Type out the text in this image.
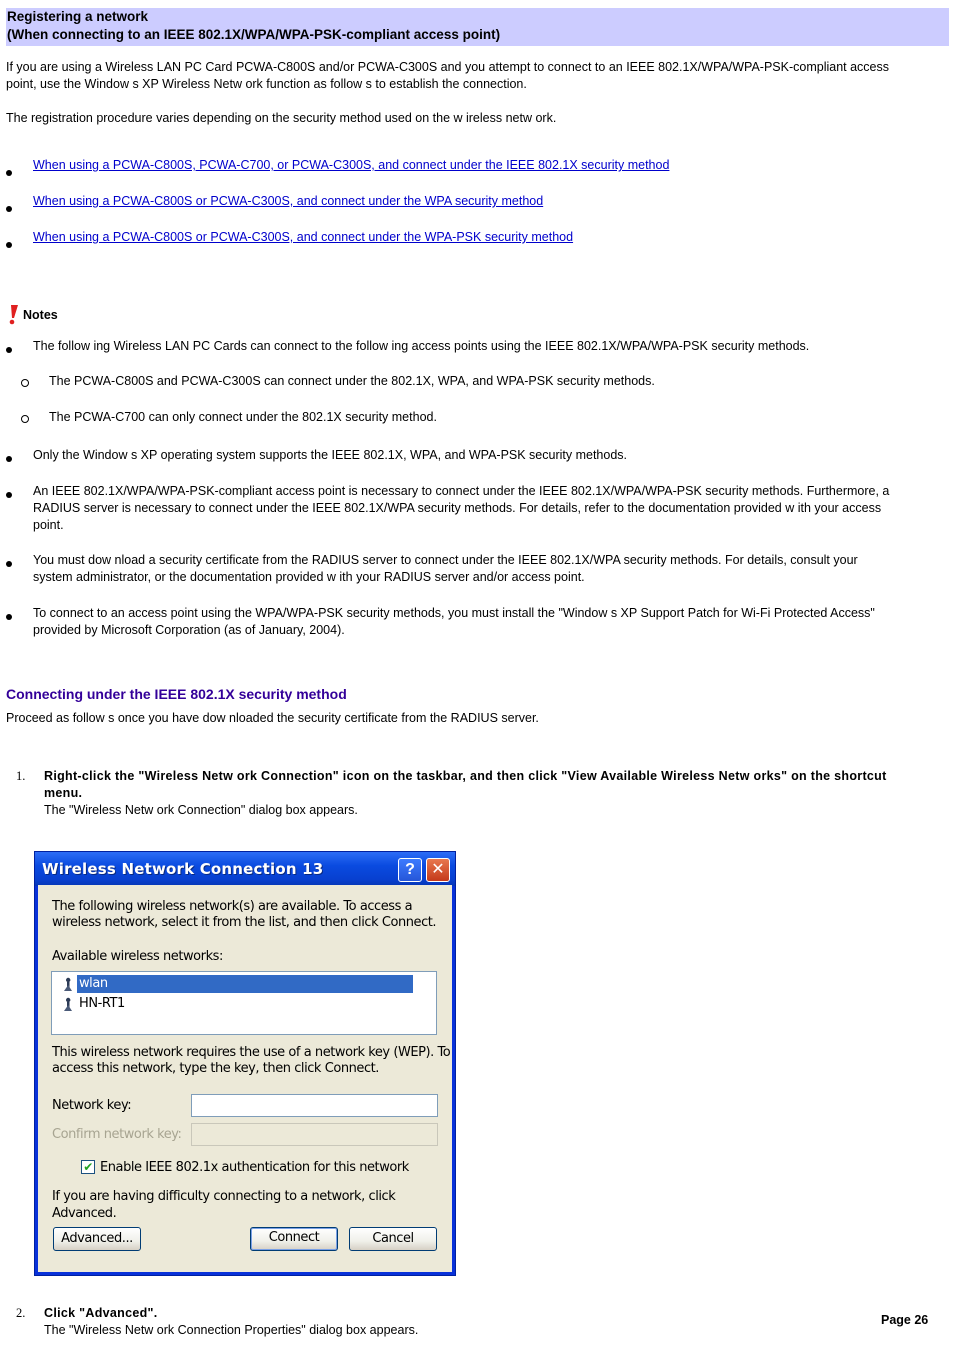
Registering a network
(When connecting to an IEEE 802.1X/WPA/WPA-PSK-compliant access point)
If you are using a Wireless LAN PC Card PCWA-C800S and/or PCWA-C300S and you attempt to connect to an IEEE 802.1X/WPA/WPA-PSK-compliant access
point, use the Window s XP Wireless Netw ork function as follow s to establish the connection.
The registration procedure varies depending on the security method used on the w ireless netw ork.
When using a PCWA-C800S, PCWA-C700, or PCWA-C300S, and connect under the IEEE 802.1X security method
When using a PCWA-C800S or PCWA-C300S, and connect under the WPA security method
When using a PCWA-C800S or PCWA-C300S, and connect under the WPA-PSK security method
Notes
The follow ing Wireless LAN PC Cards can connect to the follow ing access points using the IEEE 802.1X/WPA/WPA-PSK security methods.
The PCWA-C800S and PCWA-C300S can connect under the 802.1X, WPA, and WPA-PSK security methods.
The PCWA-C700 can only connect under the 802.1X security method.
Only the Window s XP operating system supports the IEEE 802.1X, WPA, and WPA-PSK security methods.
An IEEE 802.1X/WPA/WPA-PSK-compliant access point is necessary to connect under the IEEE 802.1X/WPA/WPA-PSK security methods. Furthermore, a
RADIUS server is necessary to connect under the IEEE 802.1X/WPA security methods. For details, refer to the documentation provided w ith your access
point.
You must dow nload a security certificate from the RADIUS server to connect under the IEEE 802.1X/WPA security methods. For details, consult your
system administrator, or the documentation provided w ith your RADIUS server and/or access point.
To connect to an access point using the WPA/WPA-PSK security methods, you must install the "Window s XP Support Patch for Wi-Fi Protected Access"
provided by Microsoft Corporation (as of January, 2004).
Connecting under the IEEE 802.1X security method
Proceed as follow s once you have dow nloaded the security certificate from the RADIUS server.
1. Right-click the "Wireless Netw ork Connection" icon on the taskbar, and then click "View Available Wireless Netw orks" on the shortcut
menu.
The "Wireless Netw ork Connection" dialog box appears.
Wireless Network Connection 13	?	✕
The following wireless network(s) are available. To access a
wireless network, select it from the list, and then click Connect.
Available wireless networks:
wlan
HN-RT1
This wireless network requires the use of a network key (WEP). To
access this network, type the key, then click Connect.
Network key:
Confirm network key:
✔ Enable IEEE 802.1x authentication for this network
If you are having difficulty connecting to a network, click Advanced.
Advanced...	Connect	Cancel
2. Click "Advanced".
The "Wireless Netw ork Connection Properties" dialog box appears.
Page 26
